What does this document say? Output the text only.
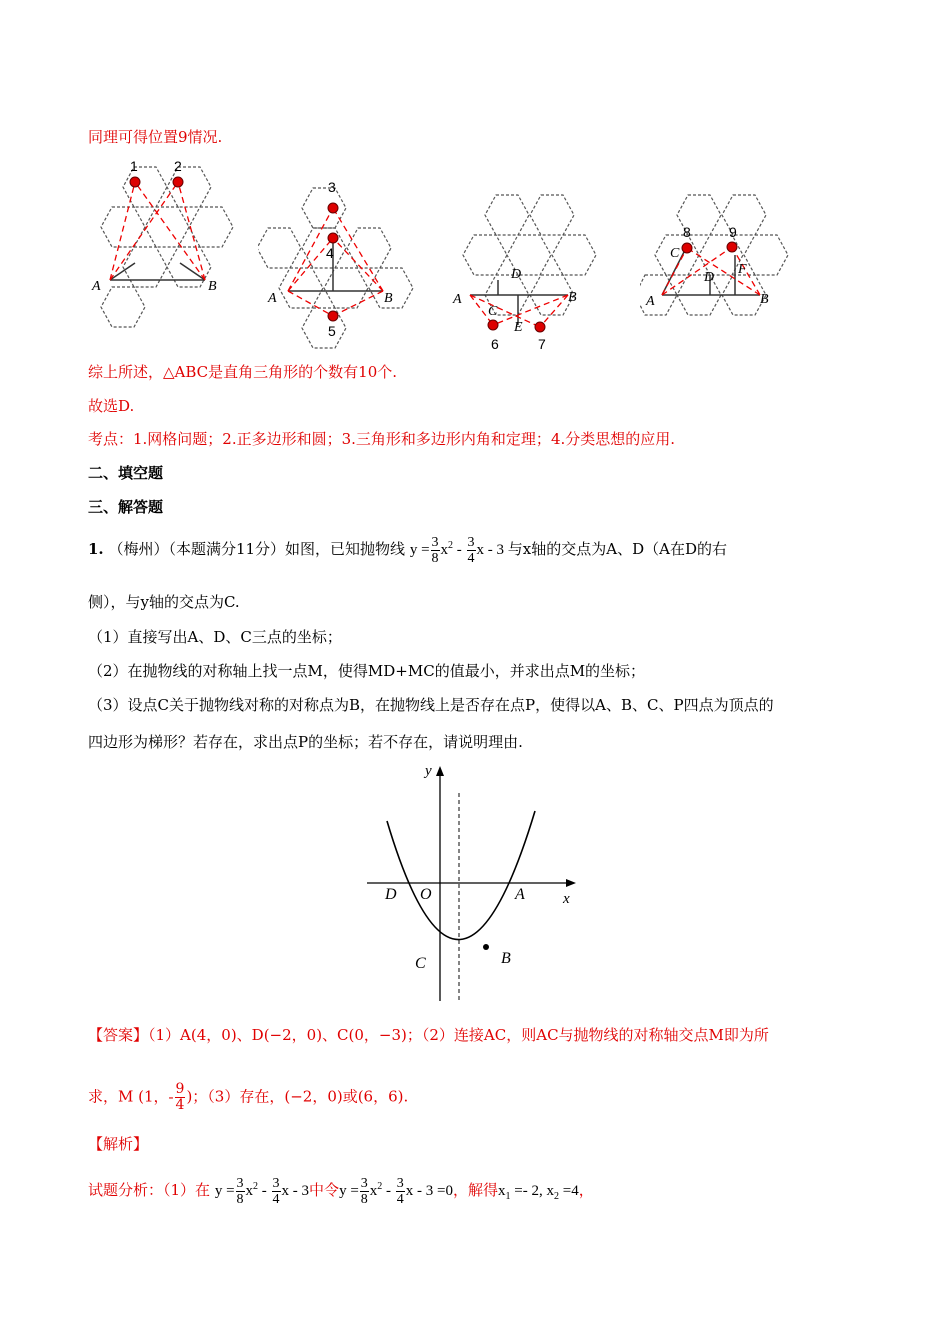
同理可得位置9情况.
1	2
A	B
3
4
5
A	B	A	B
D
C
E
6	7
8	9
C
D
F
A	B
综上所述，△ABC是直角三角形的个数有10个.
故选D.
考点：1.网格问题；2.正多边形和圆；3.三角形和多边形内角和定理；4.分类思想的应用.
二、填空题
三、解答题
1. （梅州）（本题满分11分）如图，已知抛物线 $y = \frac{3}{8} x^2 - \frac{3}{4}$ x - 3 与x轴的交点为A、D（A在D的右
侧），与y轴的交点为C.
（1）直接写出A、D、C三点的坐标；
（2）在抛物线的对称轴上找一点M，使得MD+MC的值最小，并求出点M的坐标；
（3）设点C关于抛物线对称的对称点为B，在抛物线上是否存在点P，使得以A、B、C、P四点为顶点的
四边形为梯形？若存在，求出点P的坐标；若不存在，请说明理由.
y
x
D O	A
C	B
【答案】（1）A(4，0)、D(−2，0)、C(0，−3)；（2）连接AC，则AC与抛物线的对称轴交点M即为所
求，M (1，- $\frac{9}{4}$ )；（3）存在，(−2，0)或(6，6).
【解析】
试题分析：（1）在 $y = \frac{3}{8} x^2 - \frac{3}{4}$ x - 3中令$y = \frac{3}{8} x^2 - \frac{3}{4}$ x - 3 =0，解得$x_1 =- 2$, $x_2 =4$，
